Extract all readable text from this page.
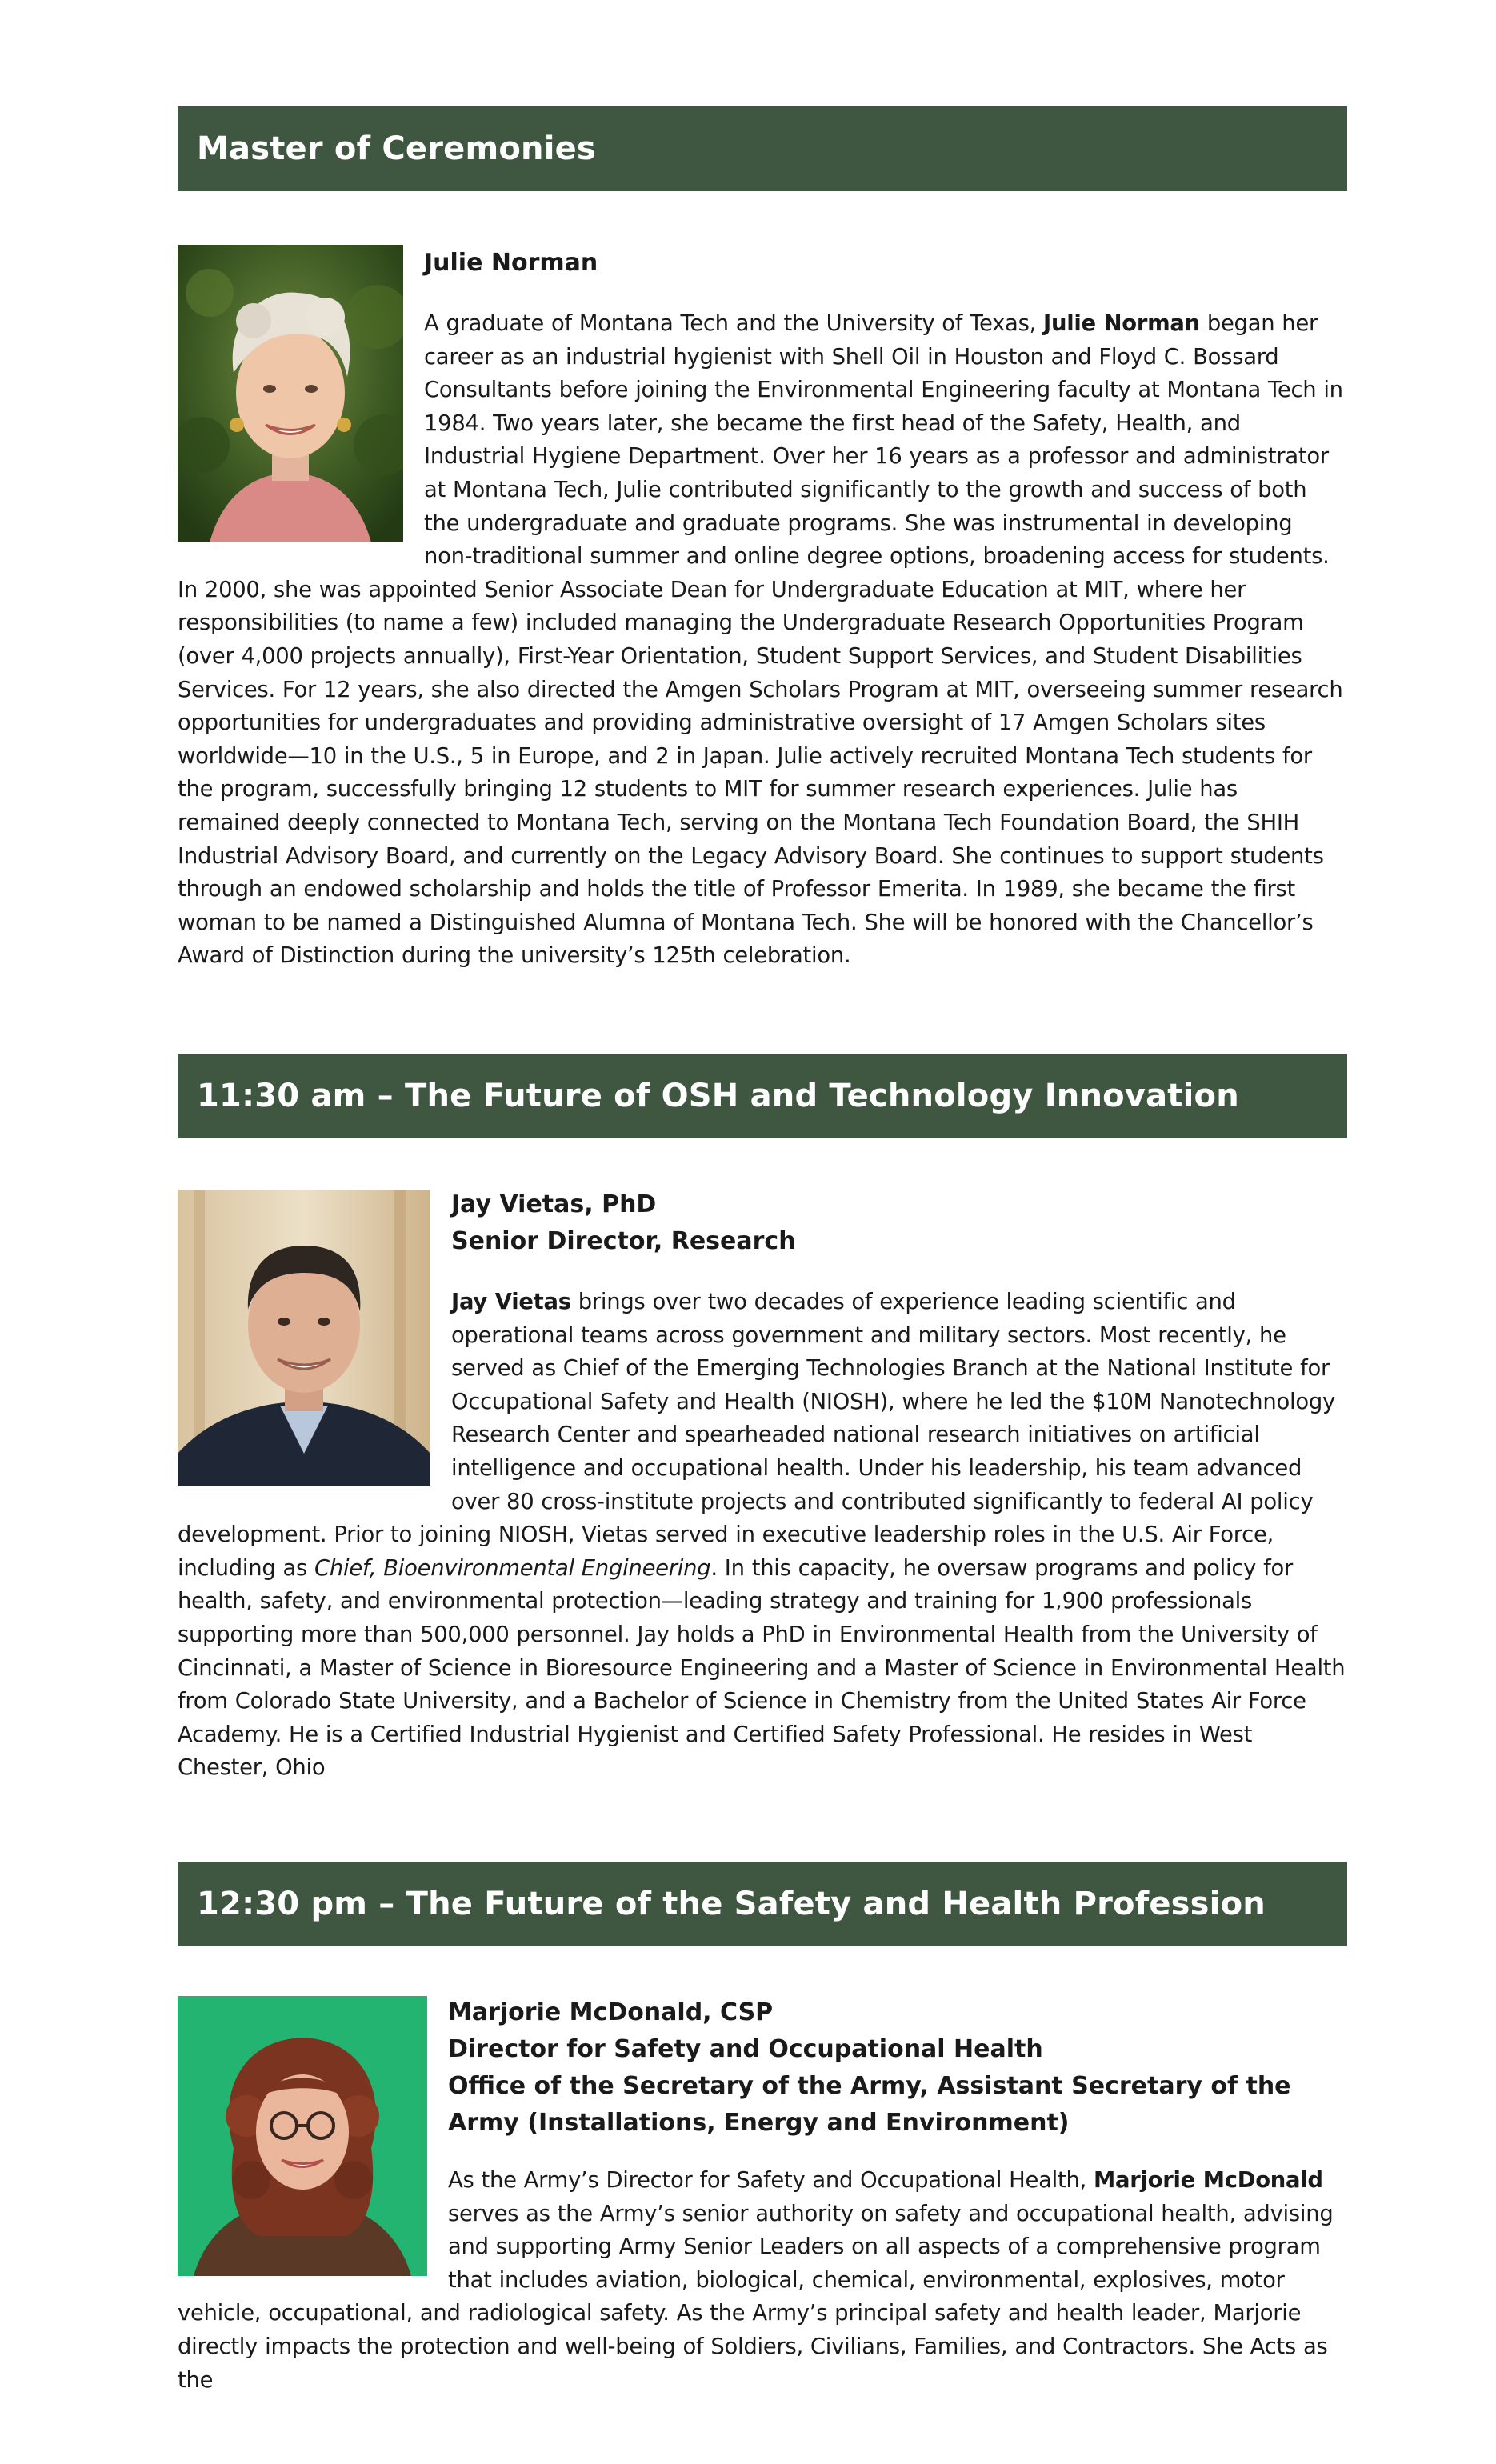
Master of Ceremonies

Julie Norman

A graduate of Montana Tech and the University of Texas, Julie Norman began her career as an industrial hygienist with Shell Oil in Houston and Floyd C. Bossard Consultants before joining the Environmental Engineering faculty at Montana Tech in 1984. Two years later, she became the first head of the Safety, Health, and Industrial Hygiene Department. Over her 16 years as a professor and administrator at Montana Tech, Julie contributed significantly to the growth and success of both the undergraduate and graduate programs. She was instrumental in developing non-traditional summer and online degree options, broadening access for students. In 2000, she was appointed Senior Associate Dean for Undergraduate Education at MIT, where her responsibilities (to name a few) included managing the Undergraduate Research Opportunities Program (over 4,000 projects annually), First-Year Orientation, Student Support Services, and Student Disabilities Services. For 12 years, she also directed the Amgen Scholars Program at MIT, overseeing summer research opportunities for undergraduates and providing administrative oversight of 17 Amgen Scholars sites worldwide—10 in the U.S., 5 in Europe, and 2 in Japan. Julie actively recruited Montana Tech students for the program, successfully bringing 12 students to MIT for summer research experiences. Julie has remained deeply connected to Montana Tech, serving on the Montana Tech Foundation Board, the SHIH Industrial Advisory Board, and currently on the Legacy Advisory Board. She continues to support students through an endowed scholarship and holds the title of Professor Emerita. In 1989, she became the first woman to be named a Distinguished Alumna of Montana Tech. She will be honored with the Chancellor’s Award of Distinction during the university’s 125th celebration.

11:30 am – The Future of OSH and Technology Innovation

Jay Vietas, PhD
Senior Director, Research

Jay Vietas brings over two decades of experience leading scientific and operational teams across government and military sectors. Most recently, he served as Chief of the Emerging Technologies Branch at the National Institute for Occupational Safety and Health (NIOSH), where he led the $10M Nanotechnology Research Center and spearheaded national research initiatives on artificial intelligence and occupational health. Under his leadership, his team advanced over 80 cross-institute projects and contributed significantly to federal AI policy development. Prior to joining NIOSH, Vietas served in executive leadership roles in the U.S. Air Force, including as Chief, Bioenvironmental Engineering. In this capacity, he oversaw programs and policy for health, safety, and environmental protection—leading strategy and training for 1,900 professionals supporting more than 500,000 personnel. Jay holds a PhD in Environmental Health from the University of Cincinnati, a Master of Science in Bioresource Engineering and a Master of Science in Environmental Health from Colorado State University, and a Bachelor of Science in Chemistry from the United States Air Force Academy. He is a Certified Industrial Hygienist and Certified Safety Professional. He resides in West Chester, Ohio

12:30 pm – The Future of the Safety and Health Profession

Marjorie McDonald, CSP
Director for Safety and Occupational Health
Office of the Secretary of the Army, Assistant Secretary of the Army (Installations, Energy and Environment)

As the Army’s Director for Safety and Occupational Health, Marjorie McDonald serves as the Army’s senior authority on safety and occupational health, advising and supporting Army Senior Leaders on all aspects of a comprehensive program that includes aviation, biological, chemical, environmental, explosives, motor vehicle, occupational, and radiological safety. As the Army’s principal safety and health leader, Marjorie directly impacts the protection and well-being of Soldiers, Civilians, Families, and Contractors. She Acts as the
